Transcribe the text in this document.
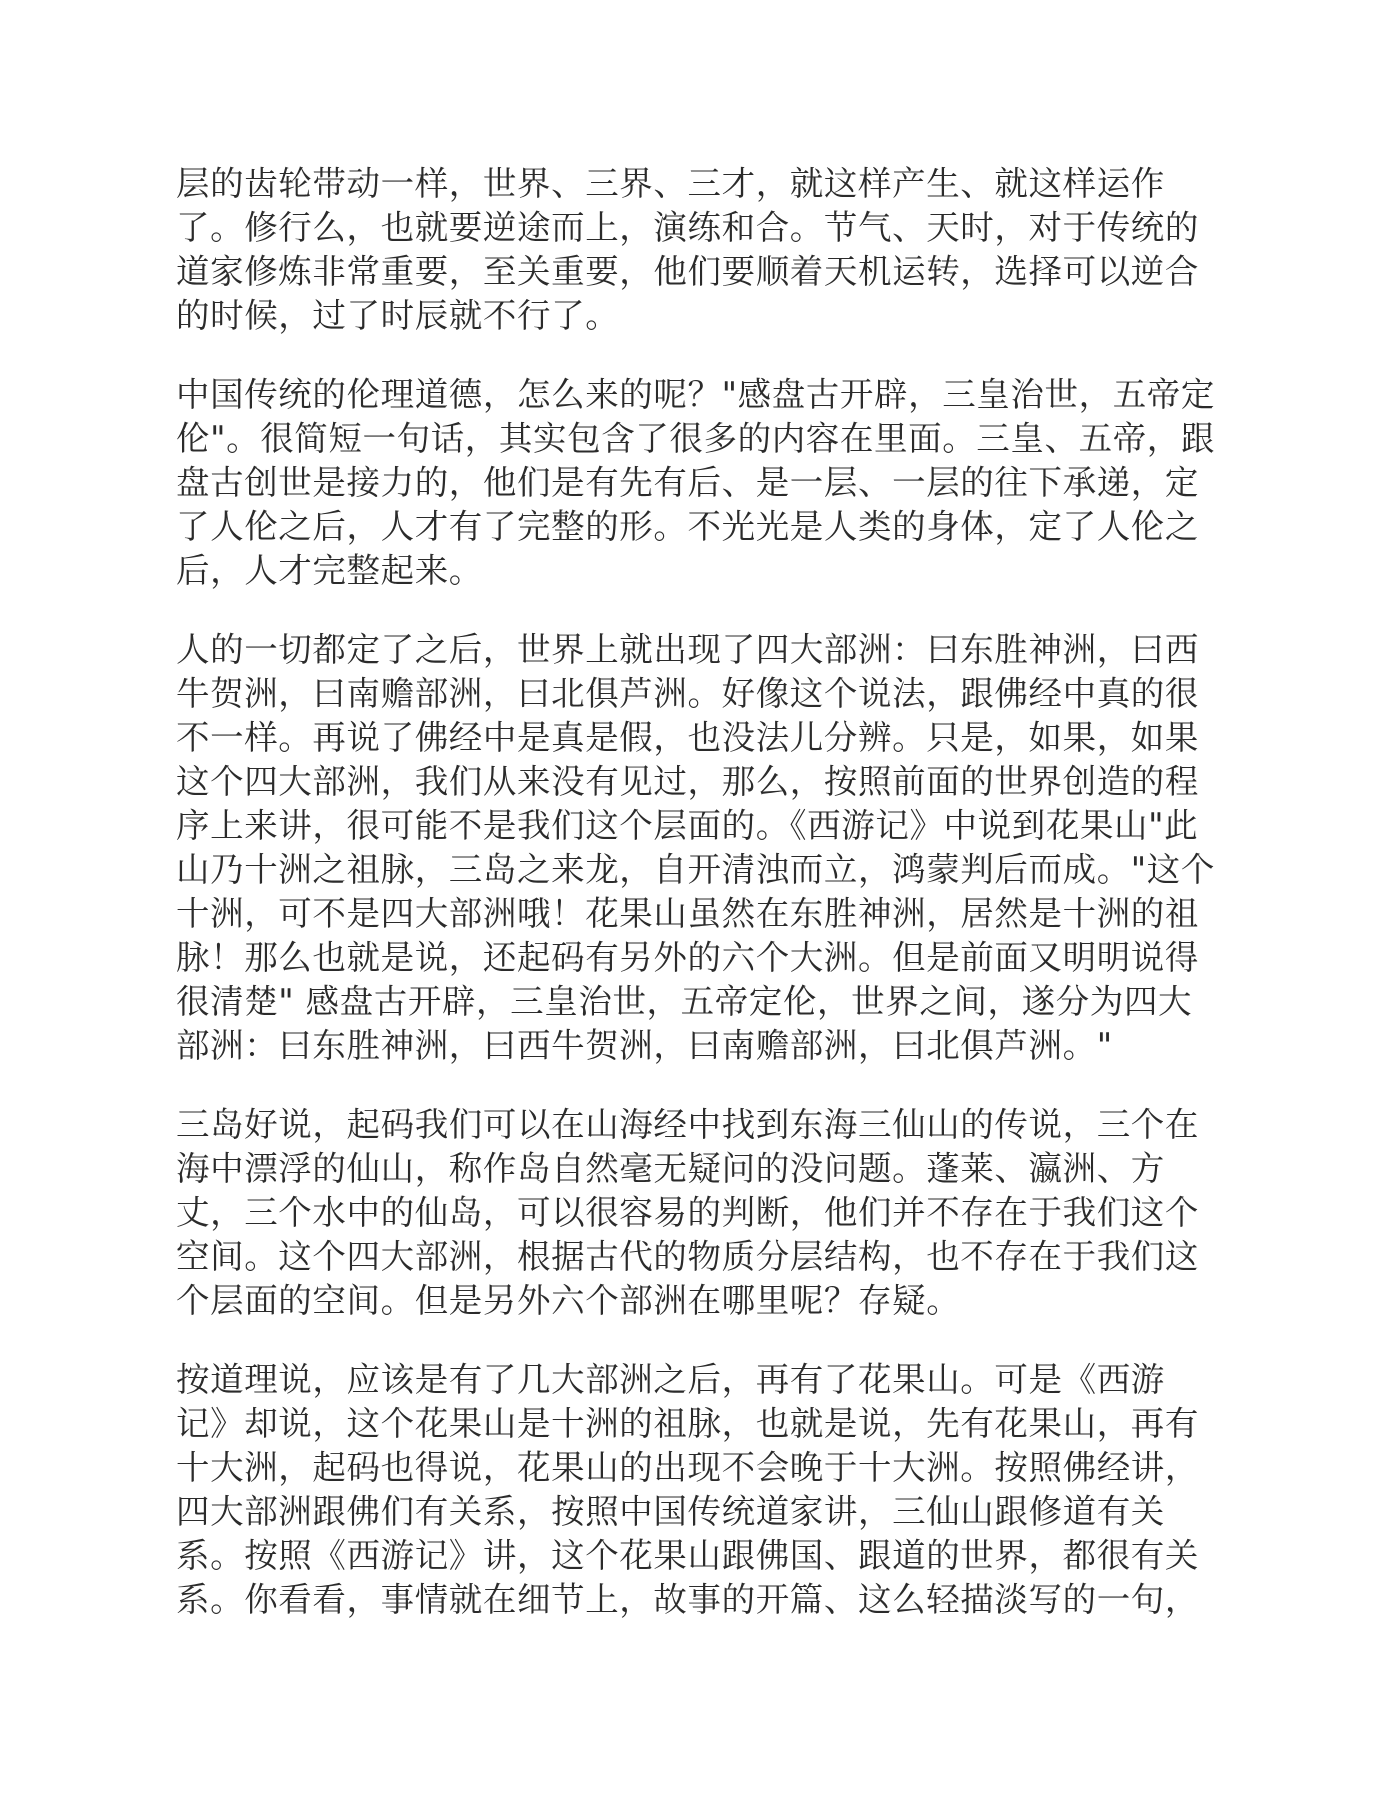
层的齿轮带动一样，世界、三界、三才，就这样产生、就这样运作
了。修行么，也就要逆途而上，演练和合。节气、天时，对于传统的
道家修炼非常重要，至关重要，他们要顺着天机运转，选择可以逆合
的时候，过了时辰就不行了。

中国传统的伦理道德，怎么来的呢？"感盘古开辟，三皇治世，五帝定
伦"。很简短一句话，其实包含了很多的内容在里面。三皇、五帝，跟
盘古创世是接力的，他们是有先有后、是一层、一层的往下承递，定
了人伦之后，人才有了完整的形。不光光是人类的身体，定了人伦之
后，人才完整起来。

人的一切都定了之后，世界上就出现了四大部洲：曰东胜神洲，曰西
牛贺洲，曰南赡部洲，曰北俱芦洲。好像这个说法，跟佛经中真的很
不一样。再说了佛经中是真是假，也没法儿分辨。只是，如果，如果
这个四大部洲，我们从来没有见过，那么，按照前面的世界创造的程
序上来讲，很可能不是我们这个层面的。《西游记》中说到花果山"此
山乃十洲之祖脉，三岛之来龙，自开清浊而立，鸿蒙判后而成。"这个
十洲，可不是四大部洲哦！花果山虽然在东胜神洲，居然是十洲的祖
脉！那么也就是说，还起码有另外的六个大洲。但是前面又明明说得
很清楚" 感盘古开辟，三皇治世，五帝定伦，世界之间，遂分为四大
部洲：曰东胜神洲，曰西牛贺洲，曰南赡部洲，曰北俱芦洲。"

三岛好说，起码我们可以在山海经中找到东海三仙山的传说，三个在
海中漂浮的仙山，称作岛自然毫无疑问的没问题。蓬莱、瀛洲、方
丈，三个水中的仙岛，可以很容易的判断，他们并不存在于我们这个
空间。这个四大部洲，根据古代的物质分层结构，也不存在于我们这
个层面的空间。但是另外六个部洲在哪里呢？存疑。

按道理说，应该是有了几大部洲之后，再有了花果山。可是《西游
记》却说，这个花果山是十洲的祖脉，也就是说，先有花果山，再有
十大洲，起码也得说，花果山的出现不会晚于十大洲。按照佛经讲，
四大部洲跟佛们有关系，按照中国传统道家讲，三仙山跟修道有关
系。按照《西游记》讲，这个花果山跟佛国、跟道的世界，都很有关
系。你看看，事情就在细节上，故事的开篇、这么轻描淡写的一句，
